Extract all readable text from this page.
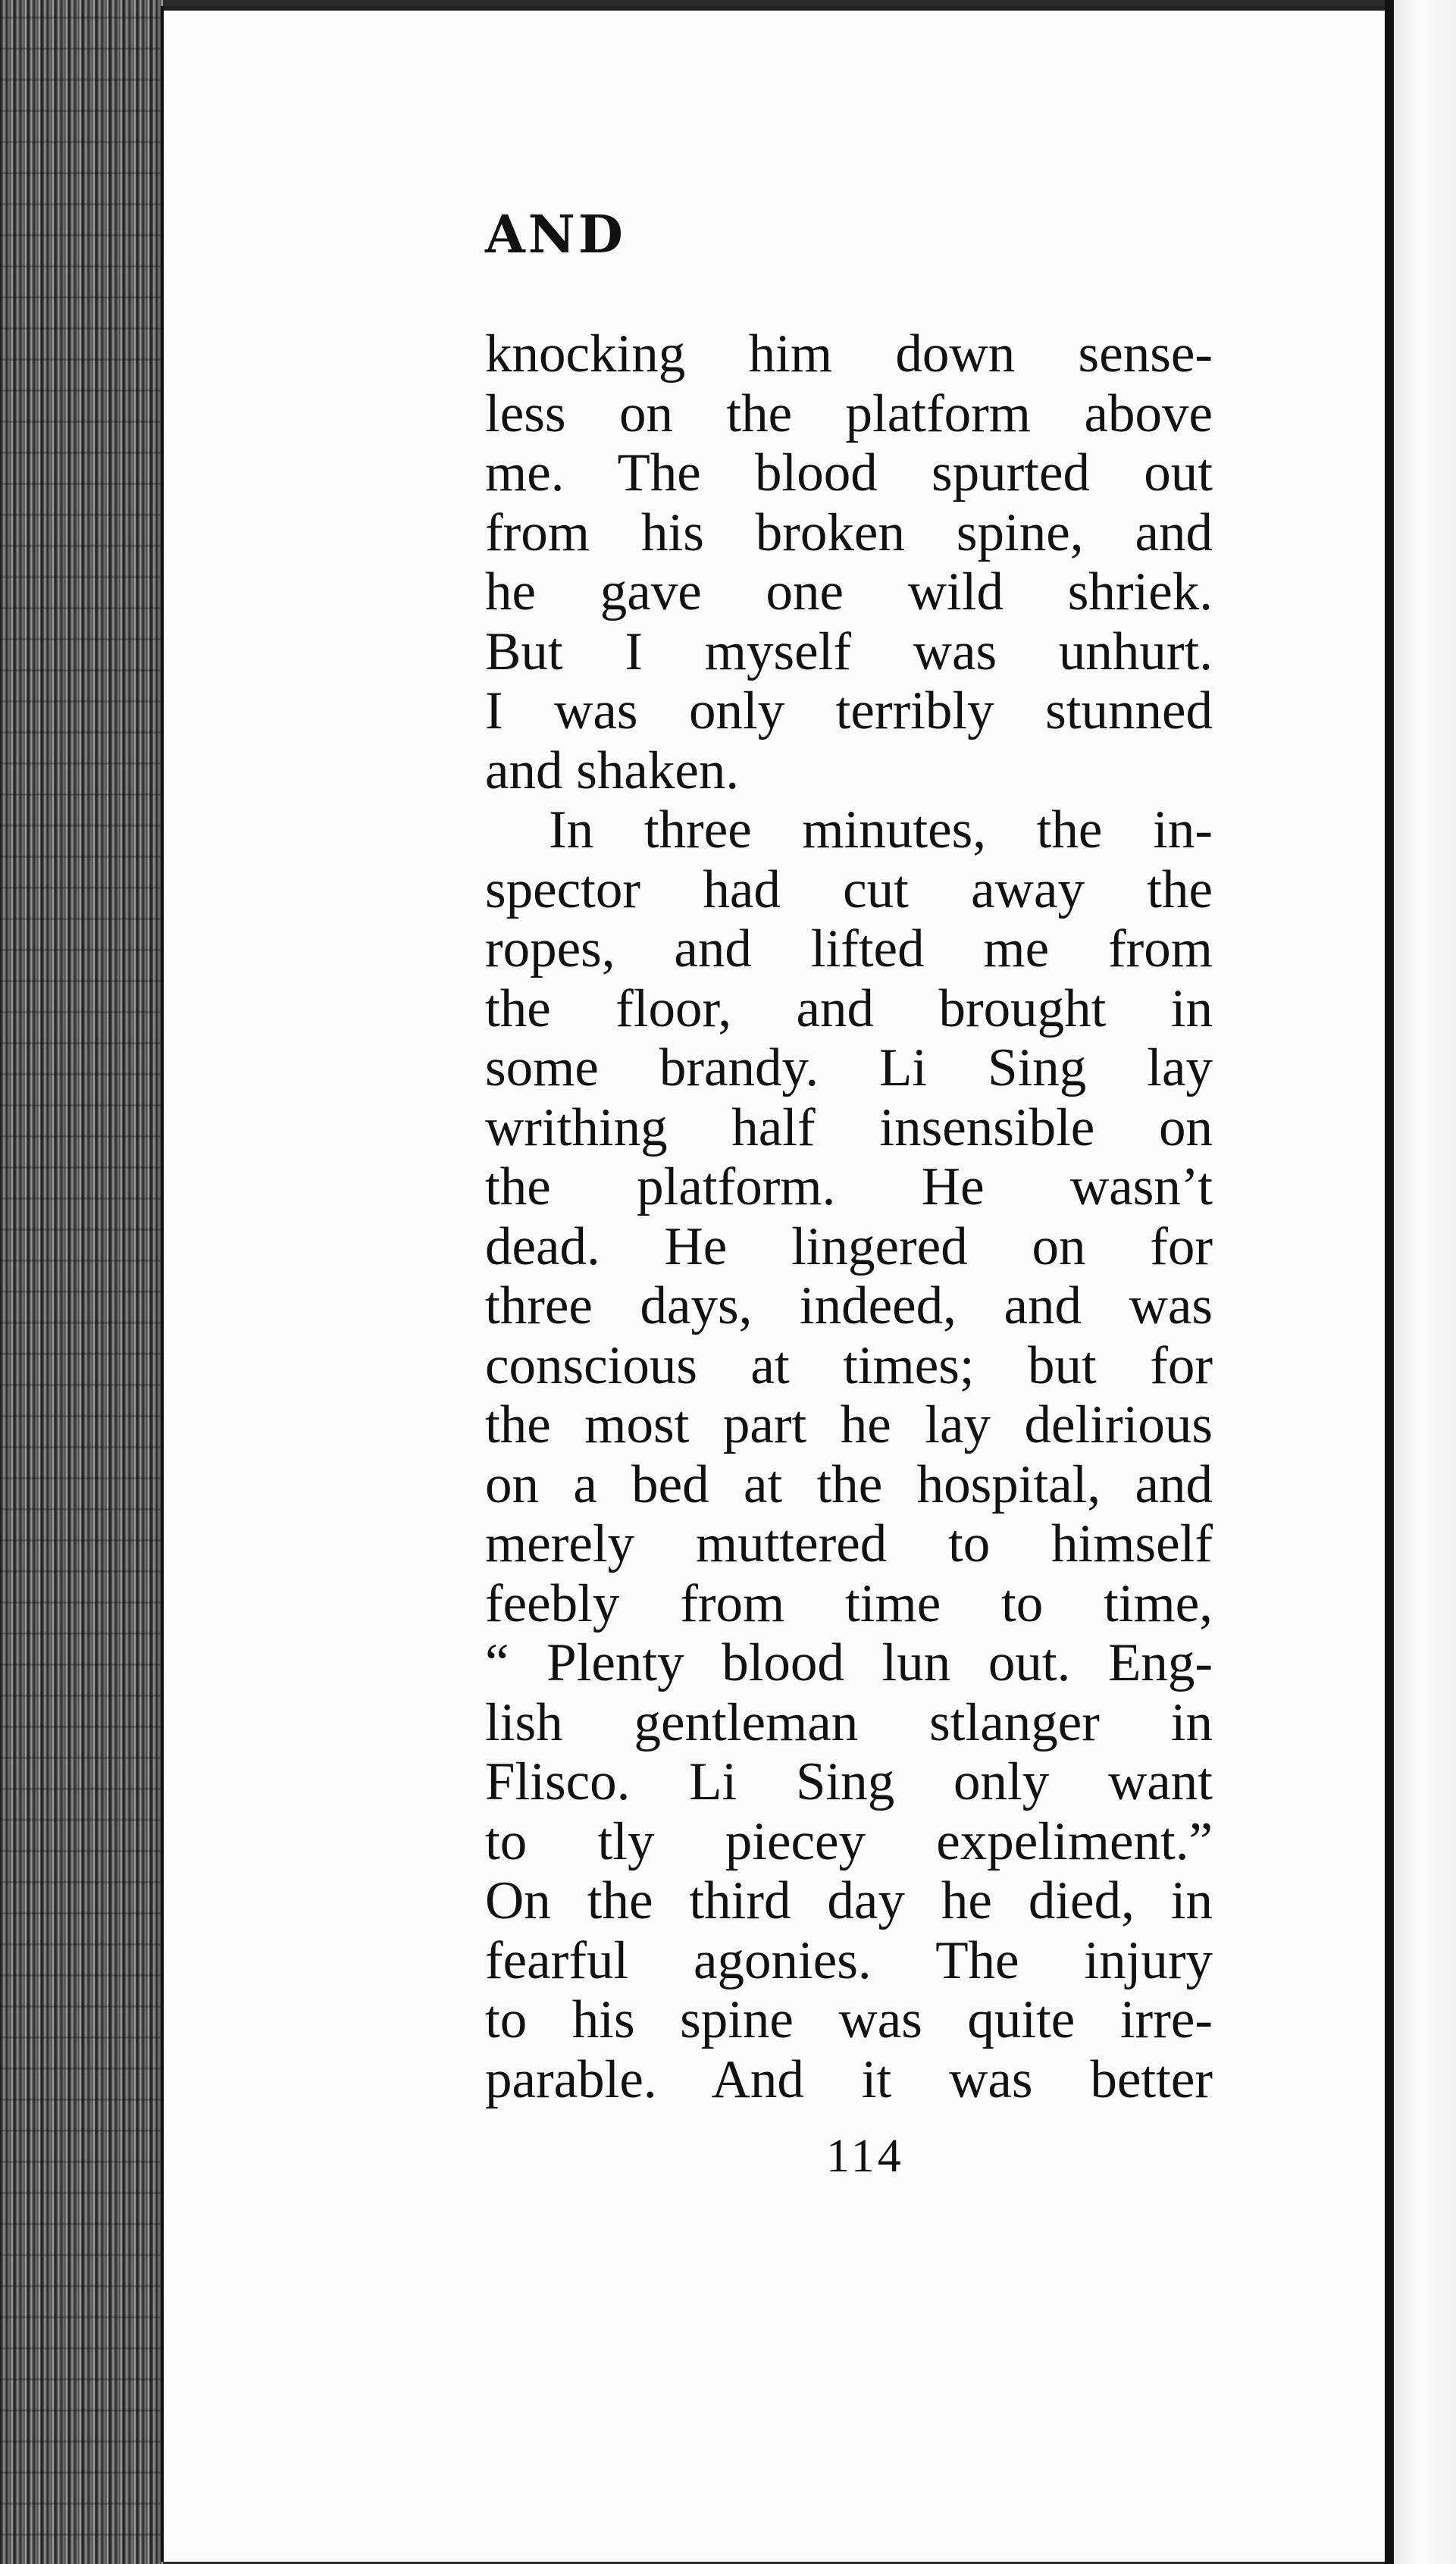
AND
knocking him down sense-
less on the platform above
me. The blood spurted out
from his broken spine, and
he gave one wild shriek.
But I myself was unhurt.
I was only terribly stunned
and shaken.
In three minutes, the in-
spector had cut away the
ropes, and lifted me from
the floor, and brought in
some brandy. Li Sing lay
writhing half insensible on
the platform. He wasn’t
dead. He lingered on for
three days, indeed, and was
conscious at times; but for
the most part he lay delirious
on a bed at the hospital, and
merely muttered to himself
feebly from time to time,
“ Plenty blood lun out. Eng-
lish gentleman stlanger in
Flisco. Li Sing only want
to tly piecey expeliment.”
On the third day he died, in
fearful agonies. The injury
to his spine was quite irre-
parable. And it was better
114
